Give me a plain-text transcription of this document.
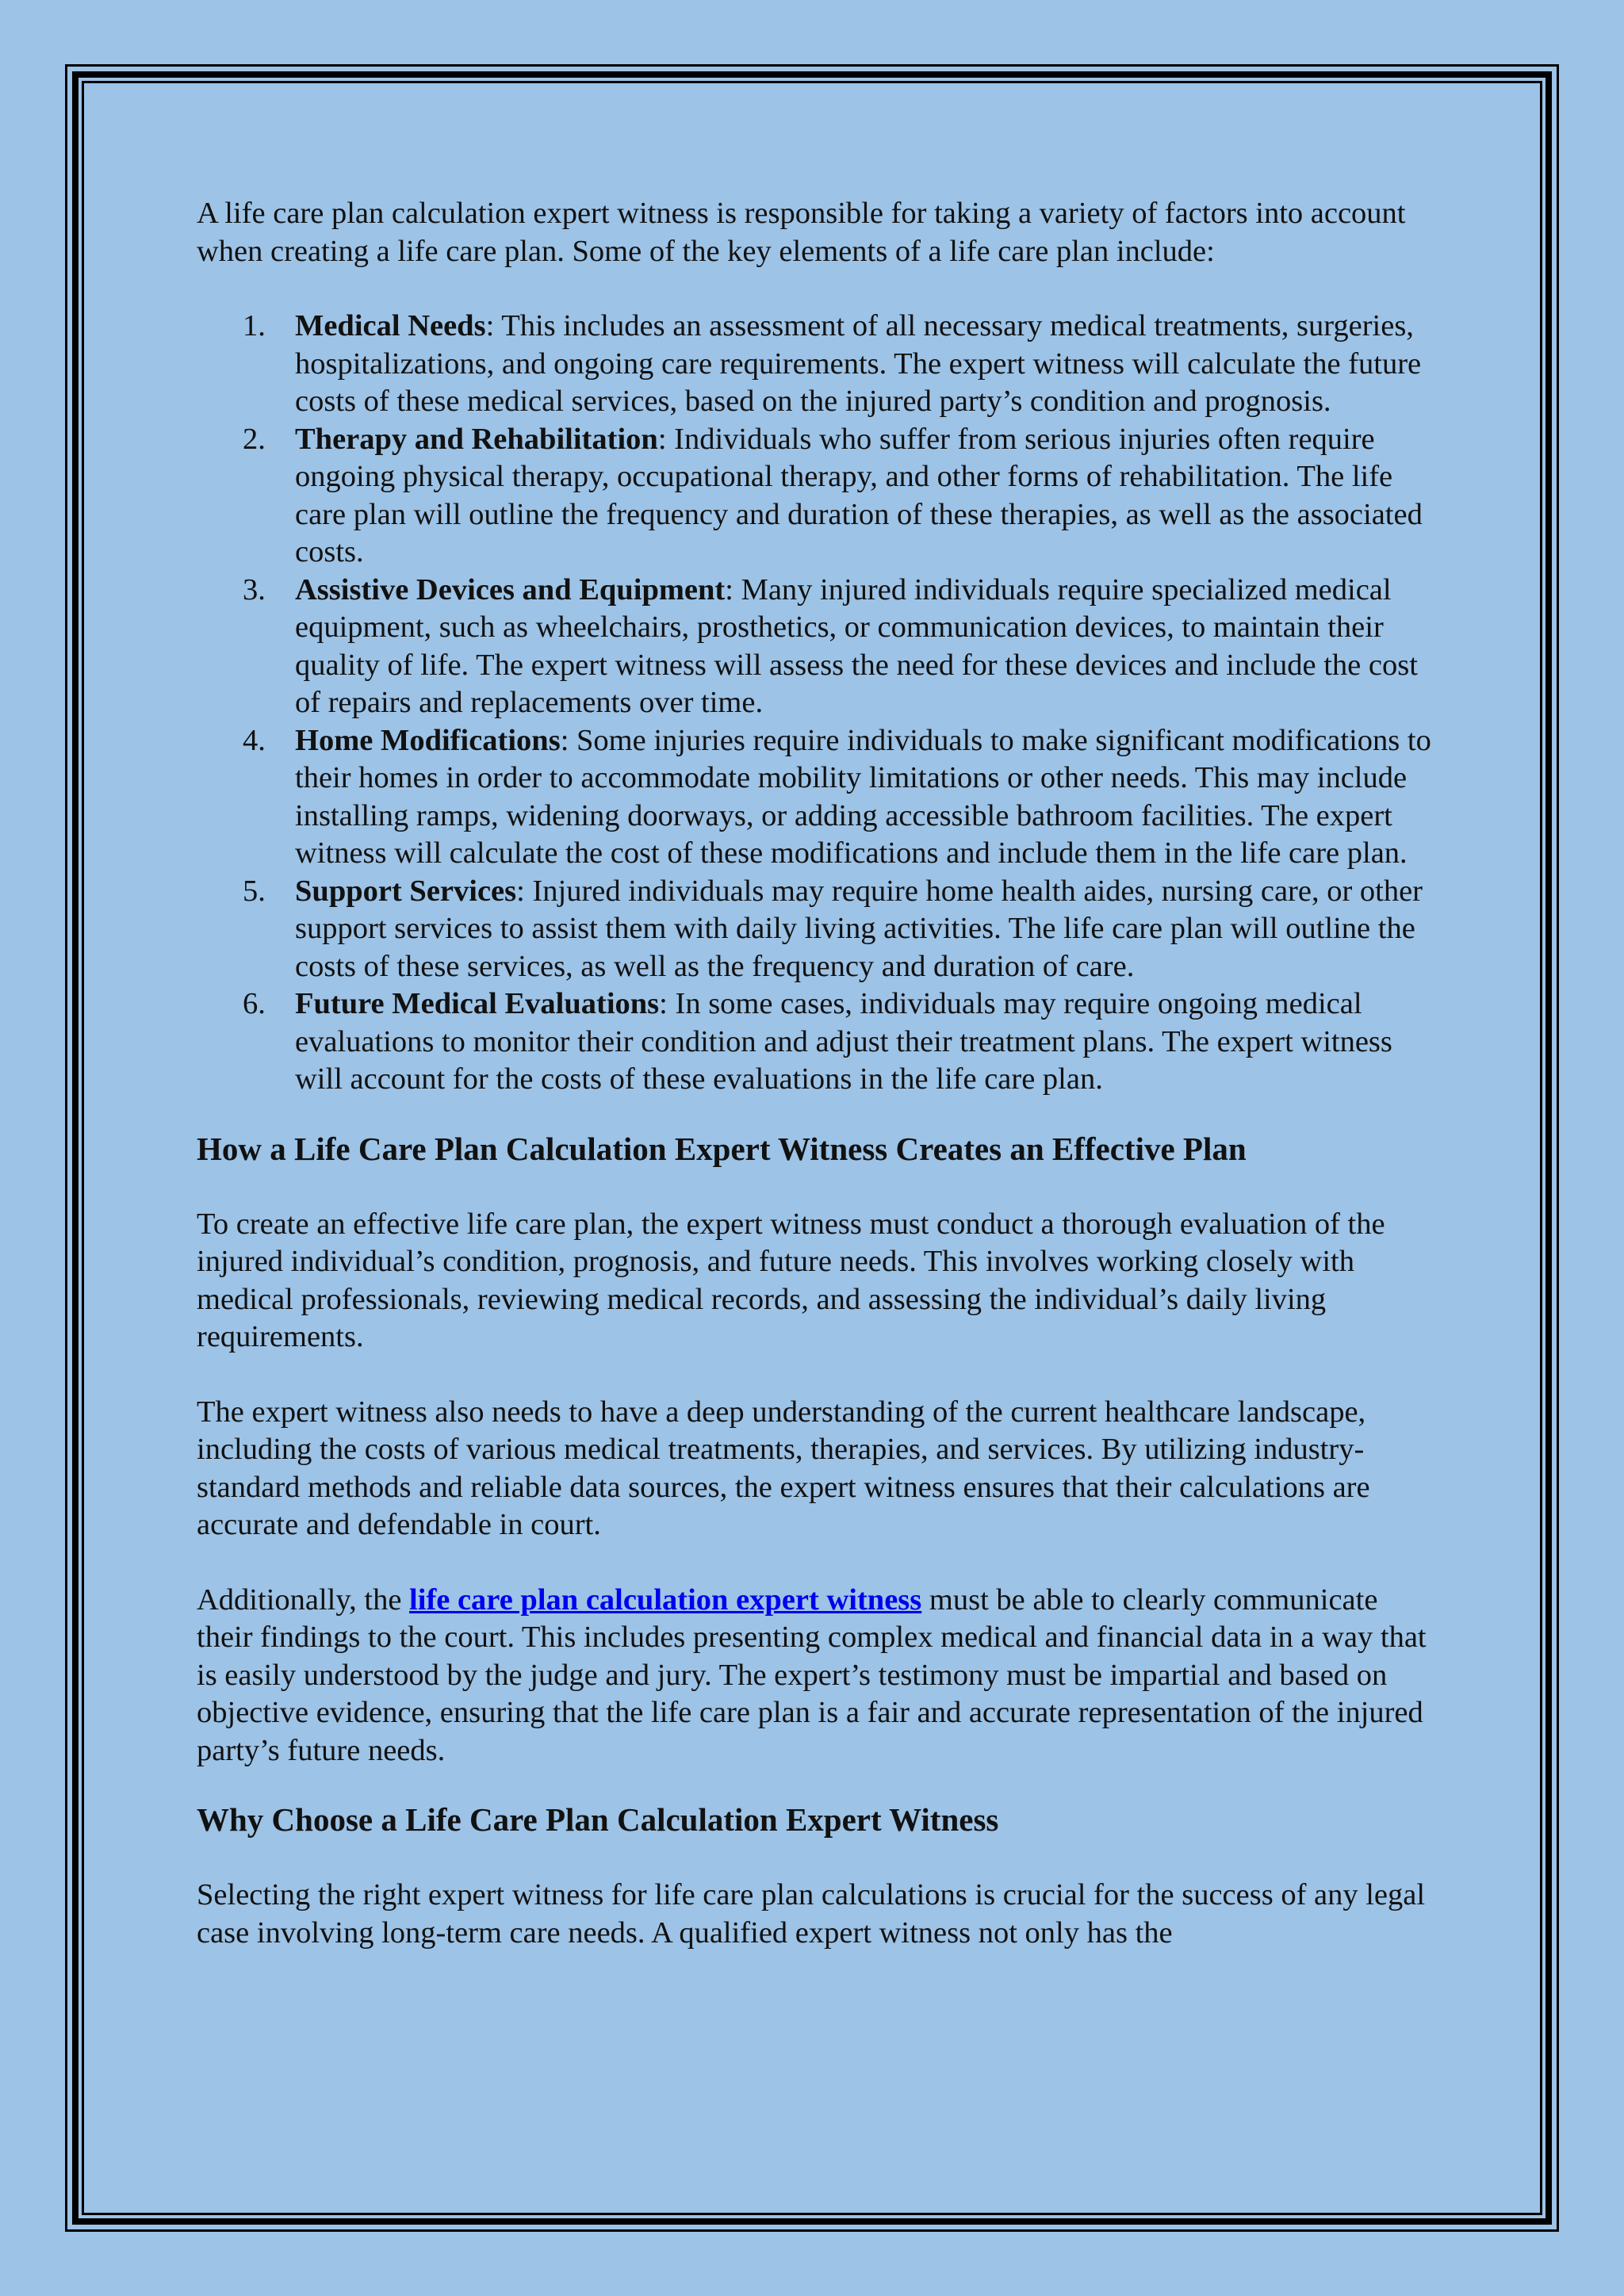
A life care plan calculation expert witness is responsible for taking a variety of factors into account when creating a life care plan. Some of the key elements of a life care plan include:

1. Medical Needs: This includes an assessment of all necessary medical treatments, surgeries, hospitalizations, and ongoing care requirements. The expert witness will calculate the future costs of these medical services, based on the injured party’s condition and prognosis.
2. Therapy and Rehabilitation: Individuals who suffer from serious injuries often require ongoing physical therapy, occupational therapy, and other forms of rehabilitation. The life care plan will outline the frequency and duration of these therapies, as well as the associated costs.
3. Assistive Devices and Equipment: Many injured individuals require specialized medical equipment, such as wheelchairs, prosthetics, or communication devices, to maintain their quality of life. The expert witness will assess the need for these devices and include the cost of repairs and replacements over time.
4. Home Modifications: Some injuries require individuals to make significant modifications to their homes in order to accommodate mobility limitations or other needs. This may include installing ramps, widening doorways, or adding accessible bathroom facilities. The expert witness will calculate the cost of these modifications and include them in the life care plan.
5. Support Services: Injured individuals may require home health aides, nursing care, or other support services to assist them with daily living activities. The life care plan will outline the costs of these services, as well as the frequency and duration of care.
6. Future Medical Evaluations: In some cases, individuals may require ongoing medical evaluations to monitor their condition and adjust their treatment plans. The expert witness will account for the costs of these evaluations in the life care plan.
How a Life Care Plan Calculation Expert Witness Creates an Effective Plan

To create an effective life care plan, the expert witness must conduct a thorough evaluation of the injured individual’s condition, prognosis, and future needs. This involves working closely with medical professionals, reviewing medical records, and assessing the individual’s daily living requirements.

The expert witness also needs to have a deep understanding of the current healthcare landscape, including the costs of various medical treatments, therapies, and services. By utilizing industry-standard methods and reliable data sources, the expert witness ensures that their calculations are accurate and defendable in court.

Additionally, the life care plan calculation expert witness must be able to clearly communicate their findings to the court. This includes presenting complex medical and financial data in a way that is easily understood by the judge and jury. The expert’s testimony must be impartial and based on objective evidence, ensuring that the life care plan is a fair and accurate representation of the injured party’s future needs.

Why Choose a Life Care Plan Calculation Expert Witness

Selecting the right expert witness for life care plan calculations is crucial for the success of any legal case involving long-term care needs. A qualified expert witness not only has the
